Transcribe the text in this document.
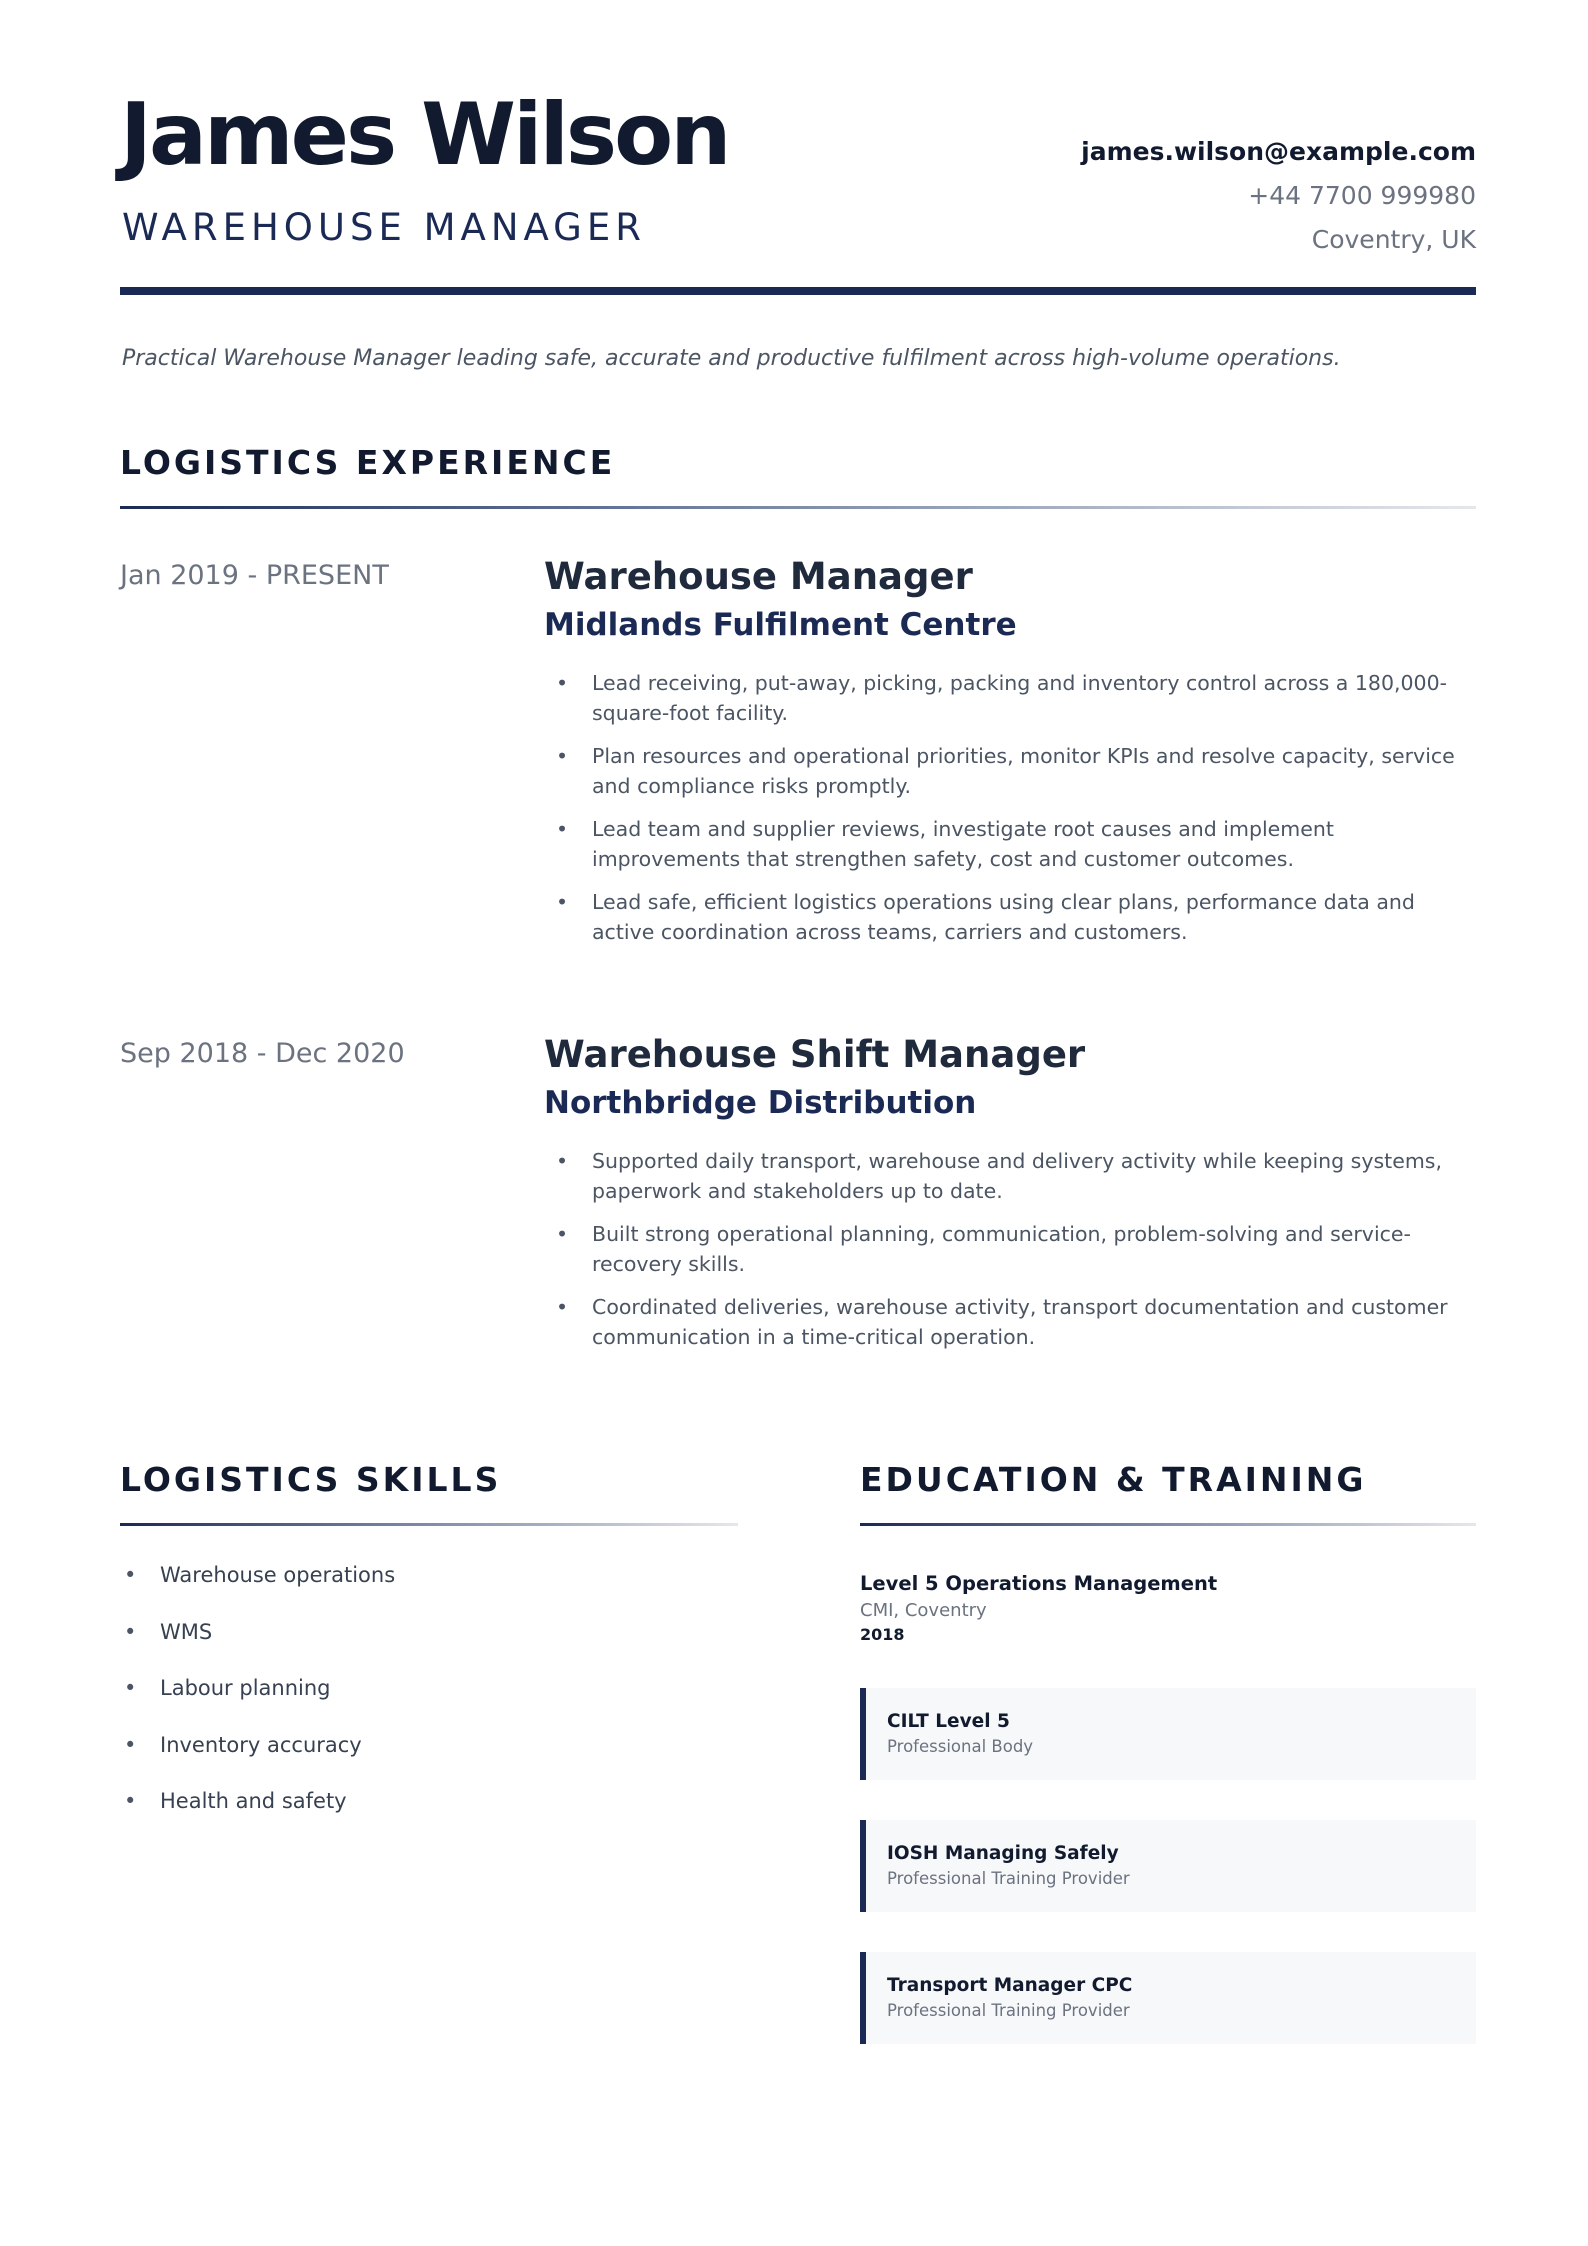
James Wilson
WAREHOUSE MANAGER
james.wilson@example.com
+44 7700 999980
Coventry, UK

Practical Warehouse Manager leading safe, accurate and productive fulfilment across high-volume operations.

LOGISTICS EXPERIENCE
Jan 2019 - PRESENT	Warehouse Manager
Midlands Fulfilment Centre
• Lead receiving, put-away, picking, packing and inventory control across a 180,000-square-foot facility.
• Plan resources and operational priorities, monitor KPIs and resolve capacity, service and compliance risks promptly.
• Lead team and supplier reviews, investigate root causes and implement improvements that strengthen safety, cost and customer outcomes.
• Lead safe, efficient logistics operations using clear plans, performance data and active coordination across teams, carriers and customers.
Sep 2018 - Dec 2020	Warehouse Shift Manager
Northbridge Distribution
• Supported daily transport, warehouse and delivery activity while keeping systems, paperwork and stakeholders up to date.
• Built strong operational planning, communication, problem-solving and service-recovery skills.
• Coordinated deliveries, warehouse activity, transport documentation and customer communication in a time-critical operation.
LOGISTICS SKILLS
• Warehouse operations
• WMS
• Labour planning
• Inventory accuracy
• Health and safety
EDUCATION & TRAINING
Level 5 Operations Management
CMI, Coventry
2018
CILT Level 5
Professional Body
IOSH Managing Safely
Professional Training Provider
Transport Manager CPC
Professional Training Provider
